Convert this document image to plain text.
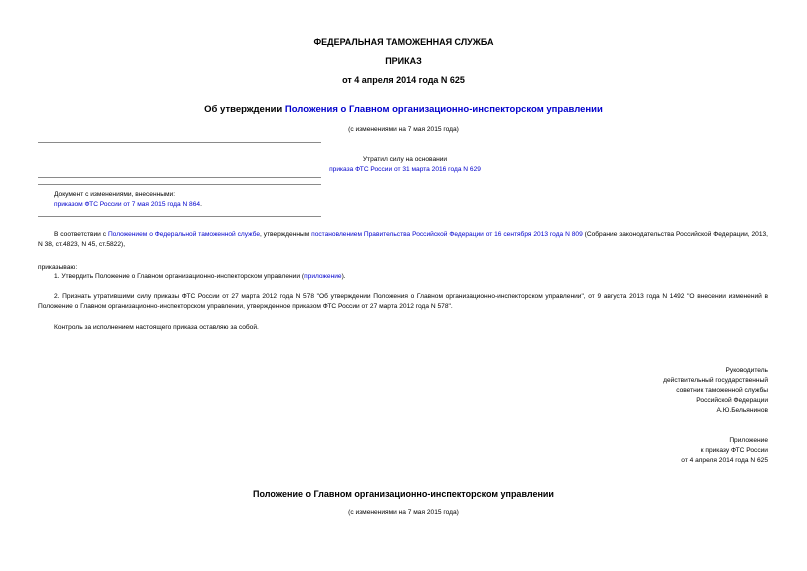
ФЕДЕРАЛЬНАЯ ТАМОЖЕННАЯ СЛУЖБА
ПРИКАЗ
от 4 апреля 2014 года N 625
Об утверждении Положения о Главном организационно-инспекторском управлении
(с изменениями на 7 мая 2015 года)
Утратил силу на основании
приказа ФТС России от 31 марта 2016 года N 629
Документ с изменениями, внесенными:
приказом ФТС России от 7 мая 2015 года N 864.
В соответствии с Положением о Федеральной таможенной службе, утвержденным постановлением Правительства Российской Федерации от 16 сентября 2013 года N 809 (Собрание законодательства Российской Федерации, 2013, N 38, ст.4823, N 45, ст.5822),
приказываю:
1. Утвердить Положение о Главном организационно-инспекторском управлении (приложение).
2. Признать утратившими силу приказы ФТС России от 27 марта 2012 года N 578 "Об утверждении Положения о Главном организационно-инспекторском управлении", от 9 августа 2013 года N 1492 "О внесении изменений в Положение о Главном организационно-инспекторском управлении, утвержденное приказом ФТС России от 27 марта 2012 года N 578".
Контроль за исполнением настоящего приказа оставляю за собой.
Руководитель
действительный государственный
советник таможенной службы
Российской Федерации
А.Ю.Бельянинов
Приложение
к приказу ФТС России
от 4 апреля 2014 года N 625
Положение о Главном организационно-инспекторском управлении
(с изменениями на 7 мая 2015 года)
